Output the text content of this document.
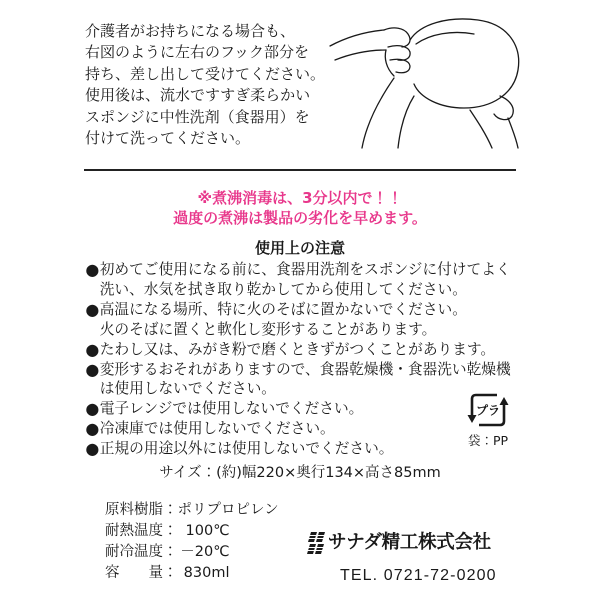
介護者がお持ちになる場合も、
右図のように左右のフック部分を
持ち、差し出して受けてください。
使用後は、流水ですすぎ柔らかい
スポンジに中性洗剤（食器用）を
付けて洗ってください。
※煮沸消毒は、3分以内で！！
過度の煮沸は製品の劣化を早めます。
使用上の注意
● 初めてご使用になる前に、食器用洗剤をスポンジに付けてよく
洗い、水気を拭き取り乾かしてから使用してください。
● 高温になる場所、特に火のそばに置かないでください。
火のそばに置くと軟化し変形することがあります。
● たわし又は、みがき粉で磨くときずがつくことがあります。
● 変形するおそれがありますので、食器乾燥機・食器洗い乾燥機
は使用しないでください。
● 電子レンジでは使用しないでください。
● 冷凍庫では使用しないでください。
● 正規の用途以外には使用しないでください。
プラ
袋：PP
サイズ：(約)幅220×奥行134×高さ85mm
原料樹脂： ポリプロピレン
耐熱温度： 100℃
耐冷温度： －20℃
容　　量： 830ml
サナダ精工株式会社
TEL. 0721-72-0200
